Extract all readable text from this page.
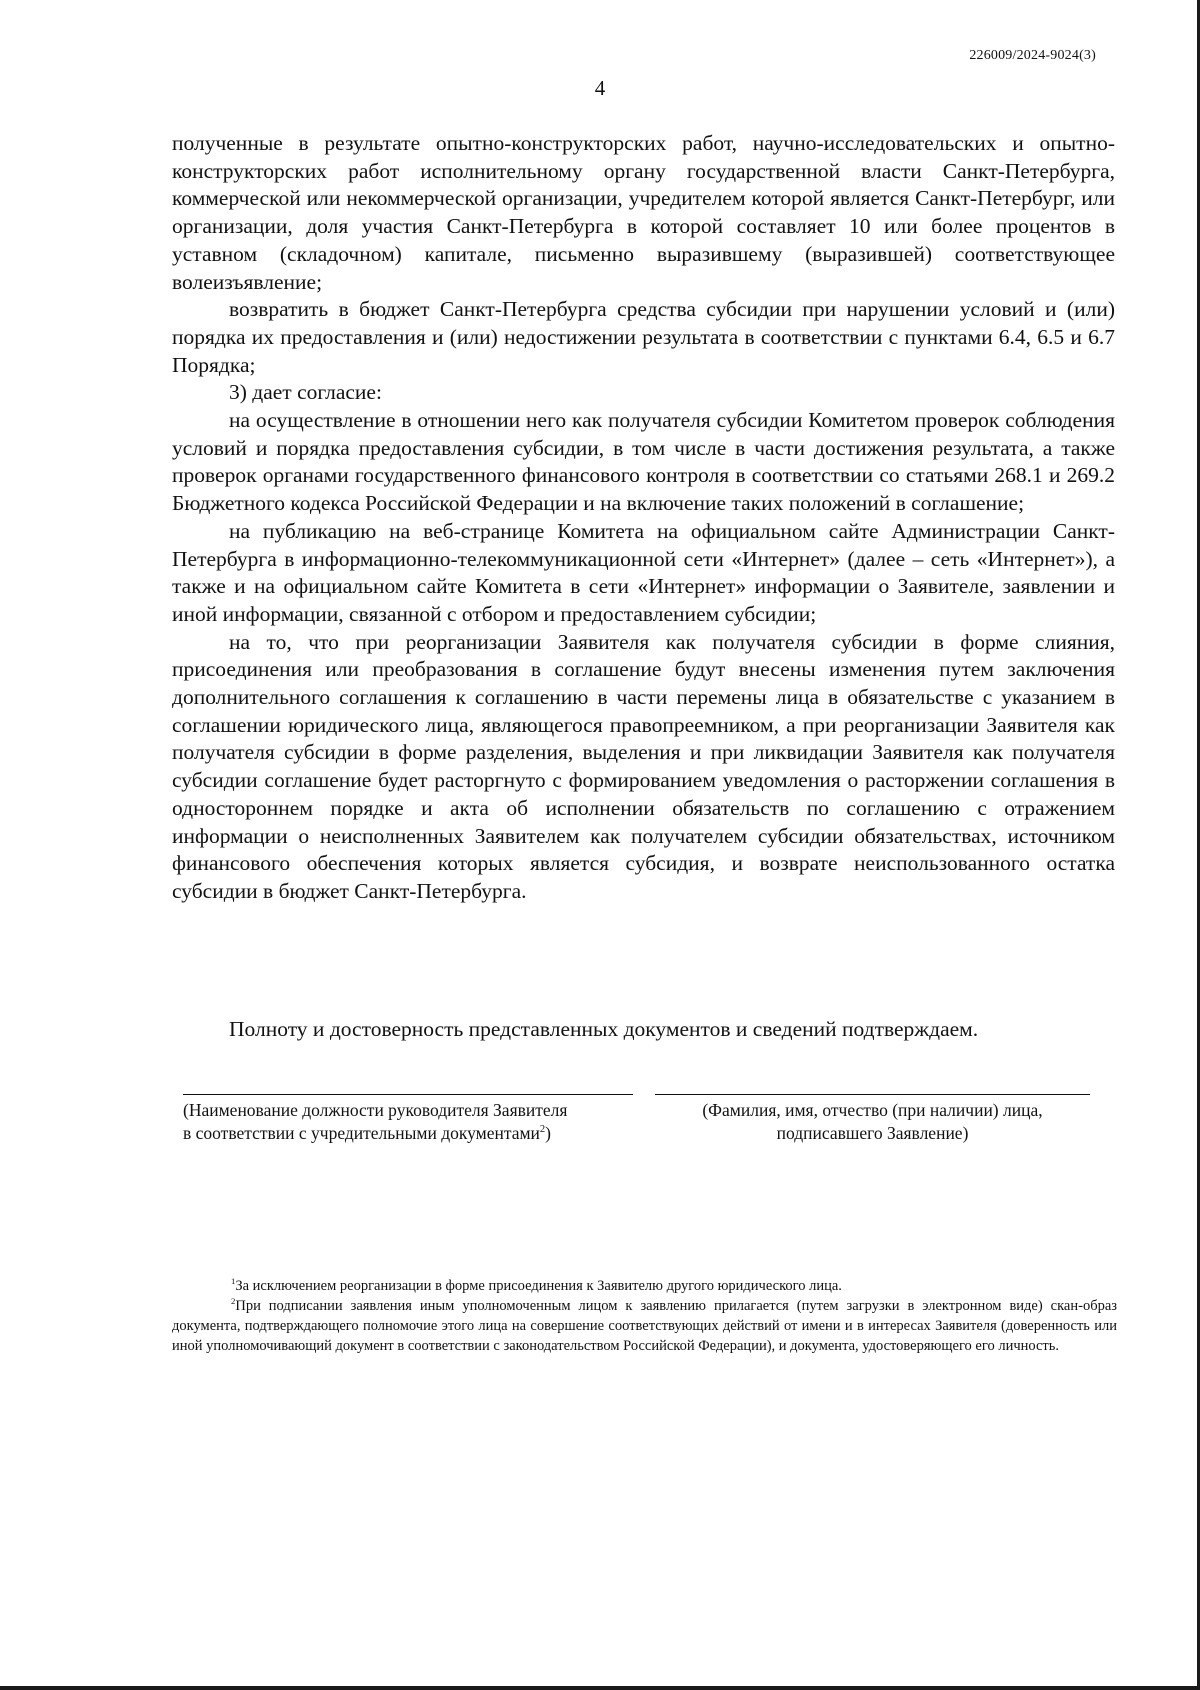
226009/2024-9024(3)
4

полученные в результате опытно-конструкторских работ, научно-исследовательских и опытно-конструкторских работ исполнительному органу государственной власти Санкт-Петербурга, коммерческой или некоммерческой организации, учредителем которой является Санкт-Петербург, или организации, доля участия Санкт-Петербурга в которой составляет 10 или более процентов в уставном (складочном) капитале, письменно выразившему (выразившей) соответствующее волеизъявление;

возвратить в бюджет Санкт-Петербурга средства субсидии при нарушении условий и (или) порядка их предоставления и (или) недостижении результата в соответствии с пунктами 6.4, 6.5 и 6.7 Порядка;

3) дает согласие:

на осуществление в отношении него как получателя субсидии Комитетом проверок соблюдения условий и порядка предоставления субсидии, в том числе в части достижения результата, а также проверок органами государственного финансового контроля в соответствии со статьями 268.1 и 269.2 Бюджетного кодекса Российской Федерации и на включение таких положений в соглашение;

на публикацию на веб-странице Комитета на официальном сайте Администрации Санкт-Петербурга в информационно-телекоммуникационной сети «Интернет» (далее – сеть «Интернет»), а также и на официальном сайте Комитета в сети «Интернет» информации о Заявителе, заявлении и иной информации, связанной с отбором и предоставлением субсидии;

на то, что при реорганизации Заявителя как получателя субсидии в форме слияния, присоединения или преобразования в соглашение будут внесены изменения путем заключения дополнительного соглашения к соглашению в части перемены лица в обязательстве с указанием в соглашении юридического лица, являющегося правопреемником, а при реорганизации Заявителя как получателя субсидии в форме разделения, выделения и при ликвидации Заявителя как получателя субсидии соглашение будет расторгнуто с формированием уведомления о расторжении соглашения в одностороннем порядке и акта об исполнении обязательств по соглашению с отражением информации о неисполненных Заявителем как получателем субсидии обязательствах, источником финансового обеспечения которых является субсидия, и возврате неиспользованного остатка субсидии в бюджет Санкт-Петербурга.

Полноту и достоверность представленных документов и сведений подтверждаем.
(Наименование должности руководителя Заявителя
в соответствии с учредительными документами$^2$)
(Фамилия, имя, отчество (при наличии) лица,
подписавшего Заявление)

$^1$За исключением реорганизации в форме присоединения к Заявителю другого юридического лица.

$^2$При подписании заявления иным уполномоченным лицом к заявлению прилагается (путем загрузки в электронном виде) скан-образ документа, подтверждающего полномочие этого лица на совершение соответствующих действий от имени и в интересах Заявителя (доверенность или иной уполномочивающий документ в соответствии с законодательством Российской Федерации), и документа, удостоверяющего его личность.
